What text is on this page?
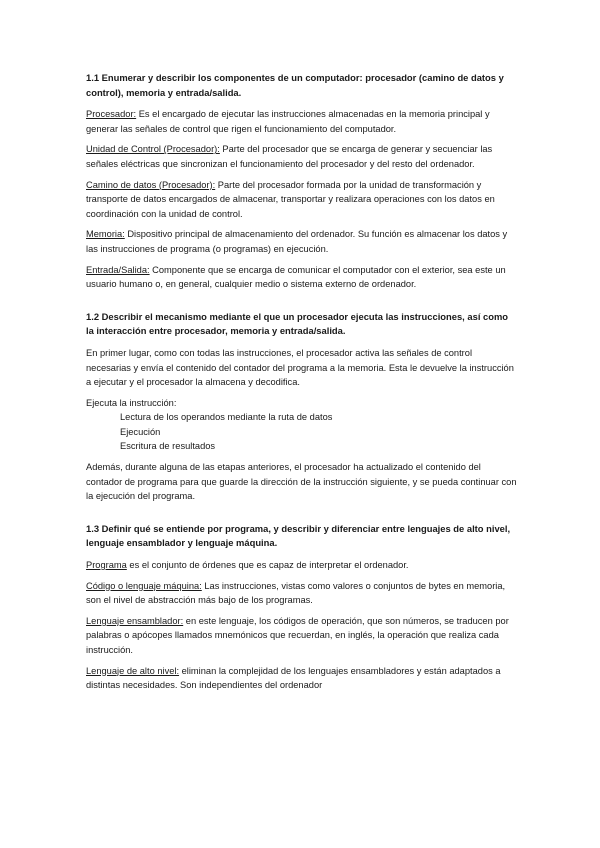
1.1 Enumerar y describir los componentes de un computador: procesador (camino de datos y control), memoria y entrada/salida.

Procesador: Es el encargado de ejecutar las instrucciones almacenadas en la memoria principal y generar las señales de control que rigen el funcionamiento del computador.

Unidad de Control (Procesador): Parte del procesador que se encarga de generar y secuenciar las señales eléctricas que sincronizan el funcionamiento del procesador y del resto del ordenador.

Camino de datos (Procesador): Parte del procesador formada por la unidad de transformación y transporte de datos encargados de almacenar, transportar y realizara operaciones con los datos en coordinación con la unidad de control.

Memoria: Dispositivo principal de almacenamiento del ordenador. Su función es almacenar los datos y las instrucciones de programa (o programas) en ejecución.

Entrada/Salida: Componente que se encarga de comunicar el computador con el exterior, sea este un usuario humano o, en general, cualquier medio o sistema externo de ordenador.

1.2 Describir el mecanismo mediante el que un procesador ejecuta las instrucciones, así como la interacción entre procesador, memoria y entrada/salida.

En primer lugar, como con todas las instrucciones, el procesador activa las señales de control necesarias y envía el contenido del contador del programa a la memoria. Esta le devuelve la instrucción a ejecutar y el procesador la almacena y decodifica.

Ejecuta la instrucción:

Lectura de los operandos mediante la ruta de datos
Ejecución
Escritura de resultados

Además, durante alguna de las etapas anteriores, el procesador ha actualizado el contenido del contador de programa para que guarde la dirección de la instrucción siguiente, y se pueda continuar con la ejecución del programa.

1.3 Definir qué se entiende por programa, y describir y diferenciar entre lenguajes de alto nivel, lenguaje ensamblador y lenguaje máquina.

Programa es el conjunto de órdenes que es capaz de interpretar el ordenador.

Código o lenguaje máquina: Las instrucciones, vistas como valores o conjuntos de bytes en memoria, son el nivel de abstracción más bajo de los programas.

Lenguaje ensamblador: en este lenguaje, los códigos de operación, que son números, se traducen por palabras o apócopes llamados mnemónicos que recuerdan, en inglés, la operación que realiza cada instrucción.

Lenguaje de alto nivel: eliminan la complejidad de los lenguajes ensambladores y están adaptados a distintas necesidades. Son independientes del ordenador
